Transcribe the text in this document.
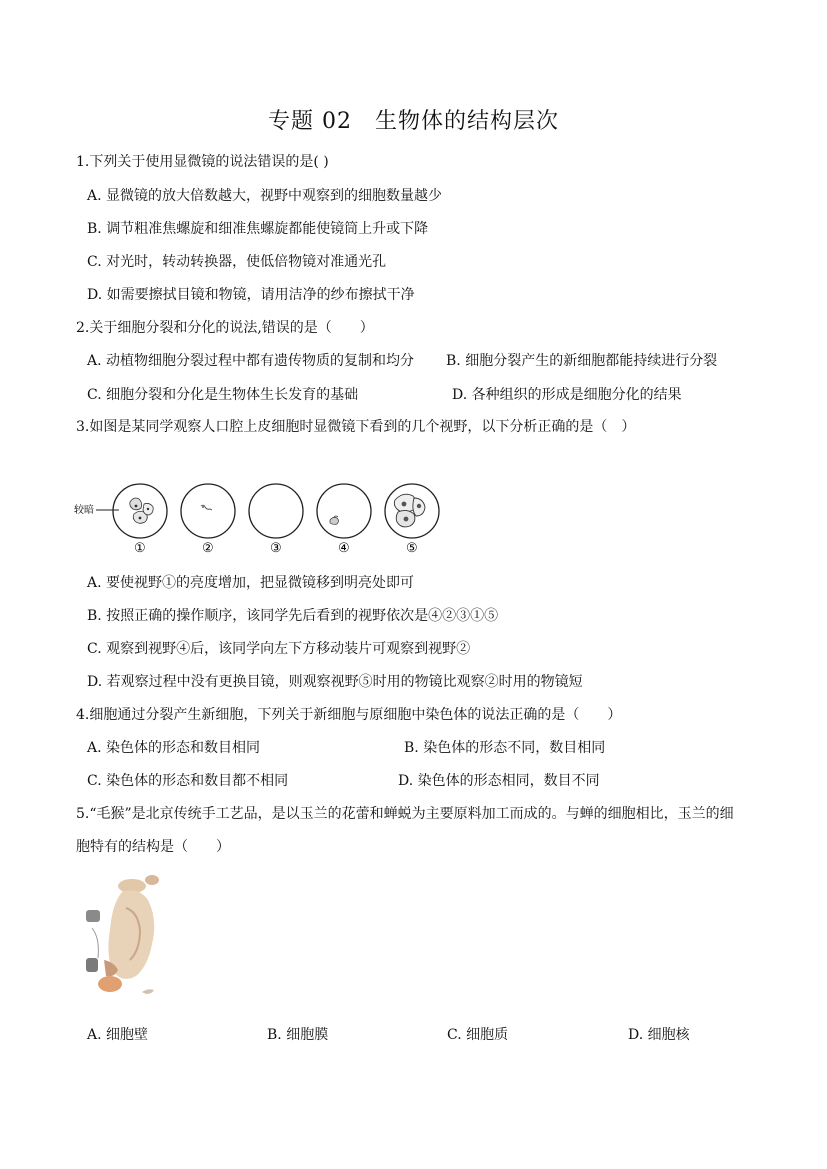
专题 02　生物体的结构层次
1.下列关于使用显微镜的说法错误的是( )
A. 显微镜的放大倍数越大，视野中观察到的细胞数量越少
B. 调节粗准焦螺旋和细准焦螺旋都能使镜筒上升或下降
C. 对光时，转动转换器，使低倍物镜对准通光孔
D. 如需要擦拭目镜和物镜，请用洁净的纱布擦拭干净
2.关于细胞分裂和分化的说法,错误的是（　　）
A. 动植物细胞分裂过程中都有遗传物质的复制和均分 B. 细胞分裂产生的新细胞都能持续进行分裂
C. 细胞分裂和分化是生物体生长发育的基础	D. 各种组织的形成是细胞分化的结果
3.如图是某同学观察人口腔上皮细胞时显微镜下看到的几个视野，以下分析正确的是（　）
较暗
①	②	③	④	⑤
A. 要使视野①的亮度增加，把显微镜移到明亮处即可
B. 按照正确的操作顺序，该同学先后看到的视野依次是④②③①⑤
C. 观察到视野④后，该同学向左下方移动装片可观察到视野②
D. 若观察过程中没有更换目镜，则观察视野⑤时用的物镜比观察②时用的物镜短
4.细胞通过分裂产生新细胞，下列关于新细胞与原细胞中染色体的说法正确的是（　　）
A. 染色体的形态和数目相同	B. 染色体的形态不同，数目相同
C. 染色体的形态和数目都不相同	D. 染色体的形态相同，数目不同
5.“毛猴”是北京传统手工艺品，是以玉兰的花蕾和蝉蜕为主要原料加工而成的。与蝉的细胞相比，玉兰的细
胞特有的结构是（　　）
A. 细胞壁	B. 细胞膜	C. 细胞质	D. 细胞核
